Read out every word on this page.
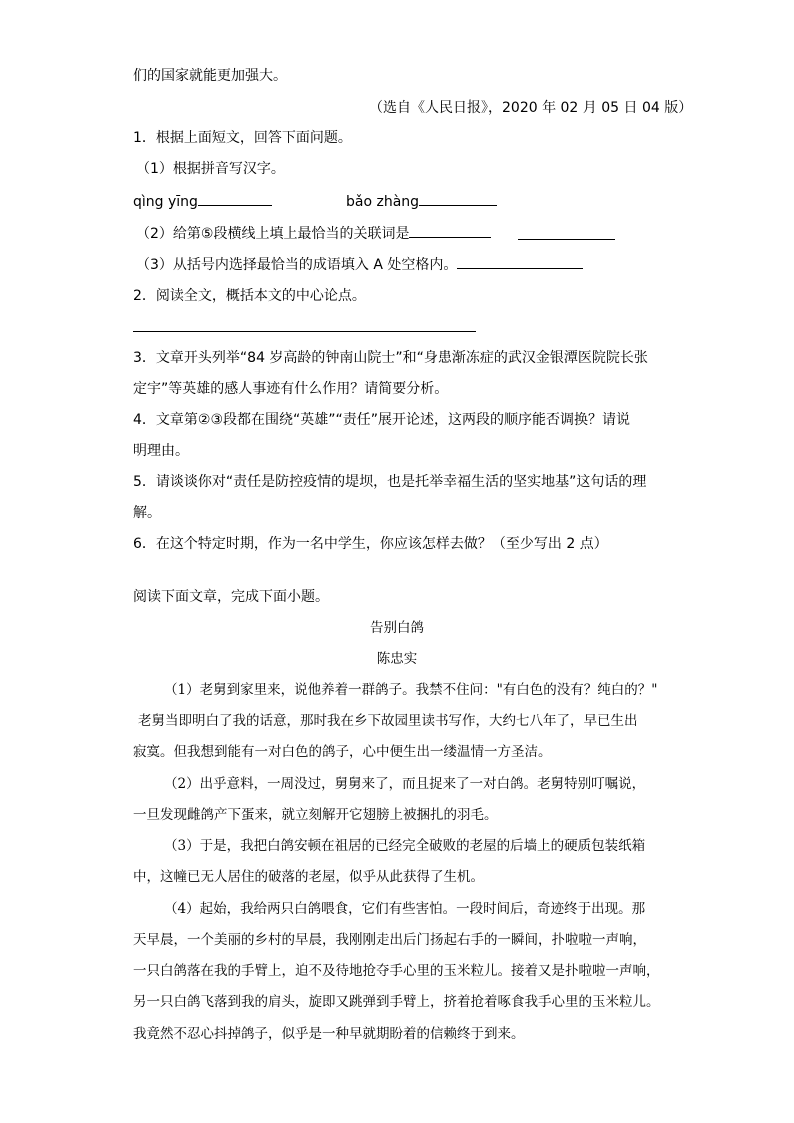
们的国家就能更加强大。
（选自《人民日报》，2020 年 02 月 05 日 04 版）
1．根据上面短文，回答下面问题。
（1）根据拼音写汉字。
qìng yīng	bǎo zhàng
（2）给第⑤段横线上填上最恰当的关联词是
（3）从括号内选择最恰当的成语填入 A 处空格内。
2．阅读全文，概括本文的中心论点。
3．文章开头列举“84 岁高龄的钟南山院士”和“身患渐冻症的武汉金银潭医院院长张
定宇”等英雄的感人事迹有什么作用？请简要分析。
4．文章第②③段都在围绕“英雄”“责任”展开论述，这两段的顺序能否调换？请说
明理由。
5．请谈谈你对“责任是防控疫情的堤坝，也是托举幸福生活的坚实地基”这句话的理
解。
6．在这个特定时期，作为一名中学生，你应该怎样去做？（至少写出 2 点）
阅读下面文章，完成下面小题。
告别白鸽
陈忠实
（1）老舅到家里来，说他养着一群鸽子。我禁不住问："有白色的没有？纯白的？"
老舅当即明白了我的话意，那时我在乡下故园里读书写作，大约七八年了，早已生出
寂寞。但我想到能有一对白色的鸽子，心中便生出一缕温情一方圣洁。
（2）出乎意料，一周没过，舅舅来了，而且捉来了一对白鸽。老舅特别叮嘱说，
一旦发现雌鸽产下蛋来，就立刻解开它翅膀上被捆扎的羽毛。
（3）于是，我把白鸽安顿在祖居的已经完全破败的老屋的后墙上的硬质包装纸箱
中，这幢已无人居住的破落的老屋，似乎从此获得了生机。
（4）起始，我给两只白鸽喂食，它们有些害怕。一段时间后，奇迹终于出现。那
天早晨，一个美丽的乡村的早晨，我刚刚走出后门扬起右手的一瞬间，扑啦啦一声响，
一只白鸽落在我的手臂上，迫不及待地抢夺手心里的玉米粒儿。接着又是扑啦啦一声响，
另一只白鸽飞落到我的肩头，旋即又跳弹到手臂上，挤着抢着啄食我手心里的玉米粒儿。
我竟然不忍心抖掉鸽子，似乎是一种早就期盼着的信赖终于到来。
